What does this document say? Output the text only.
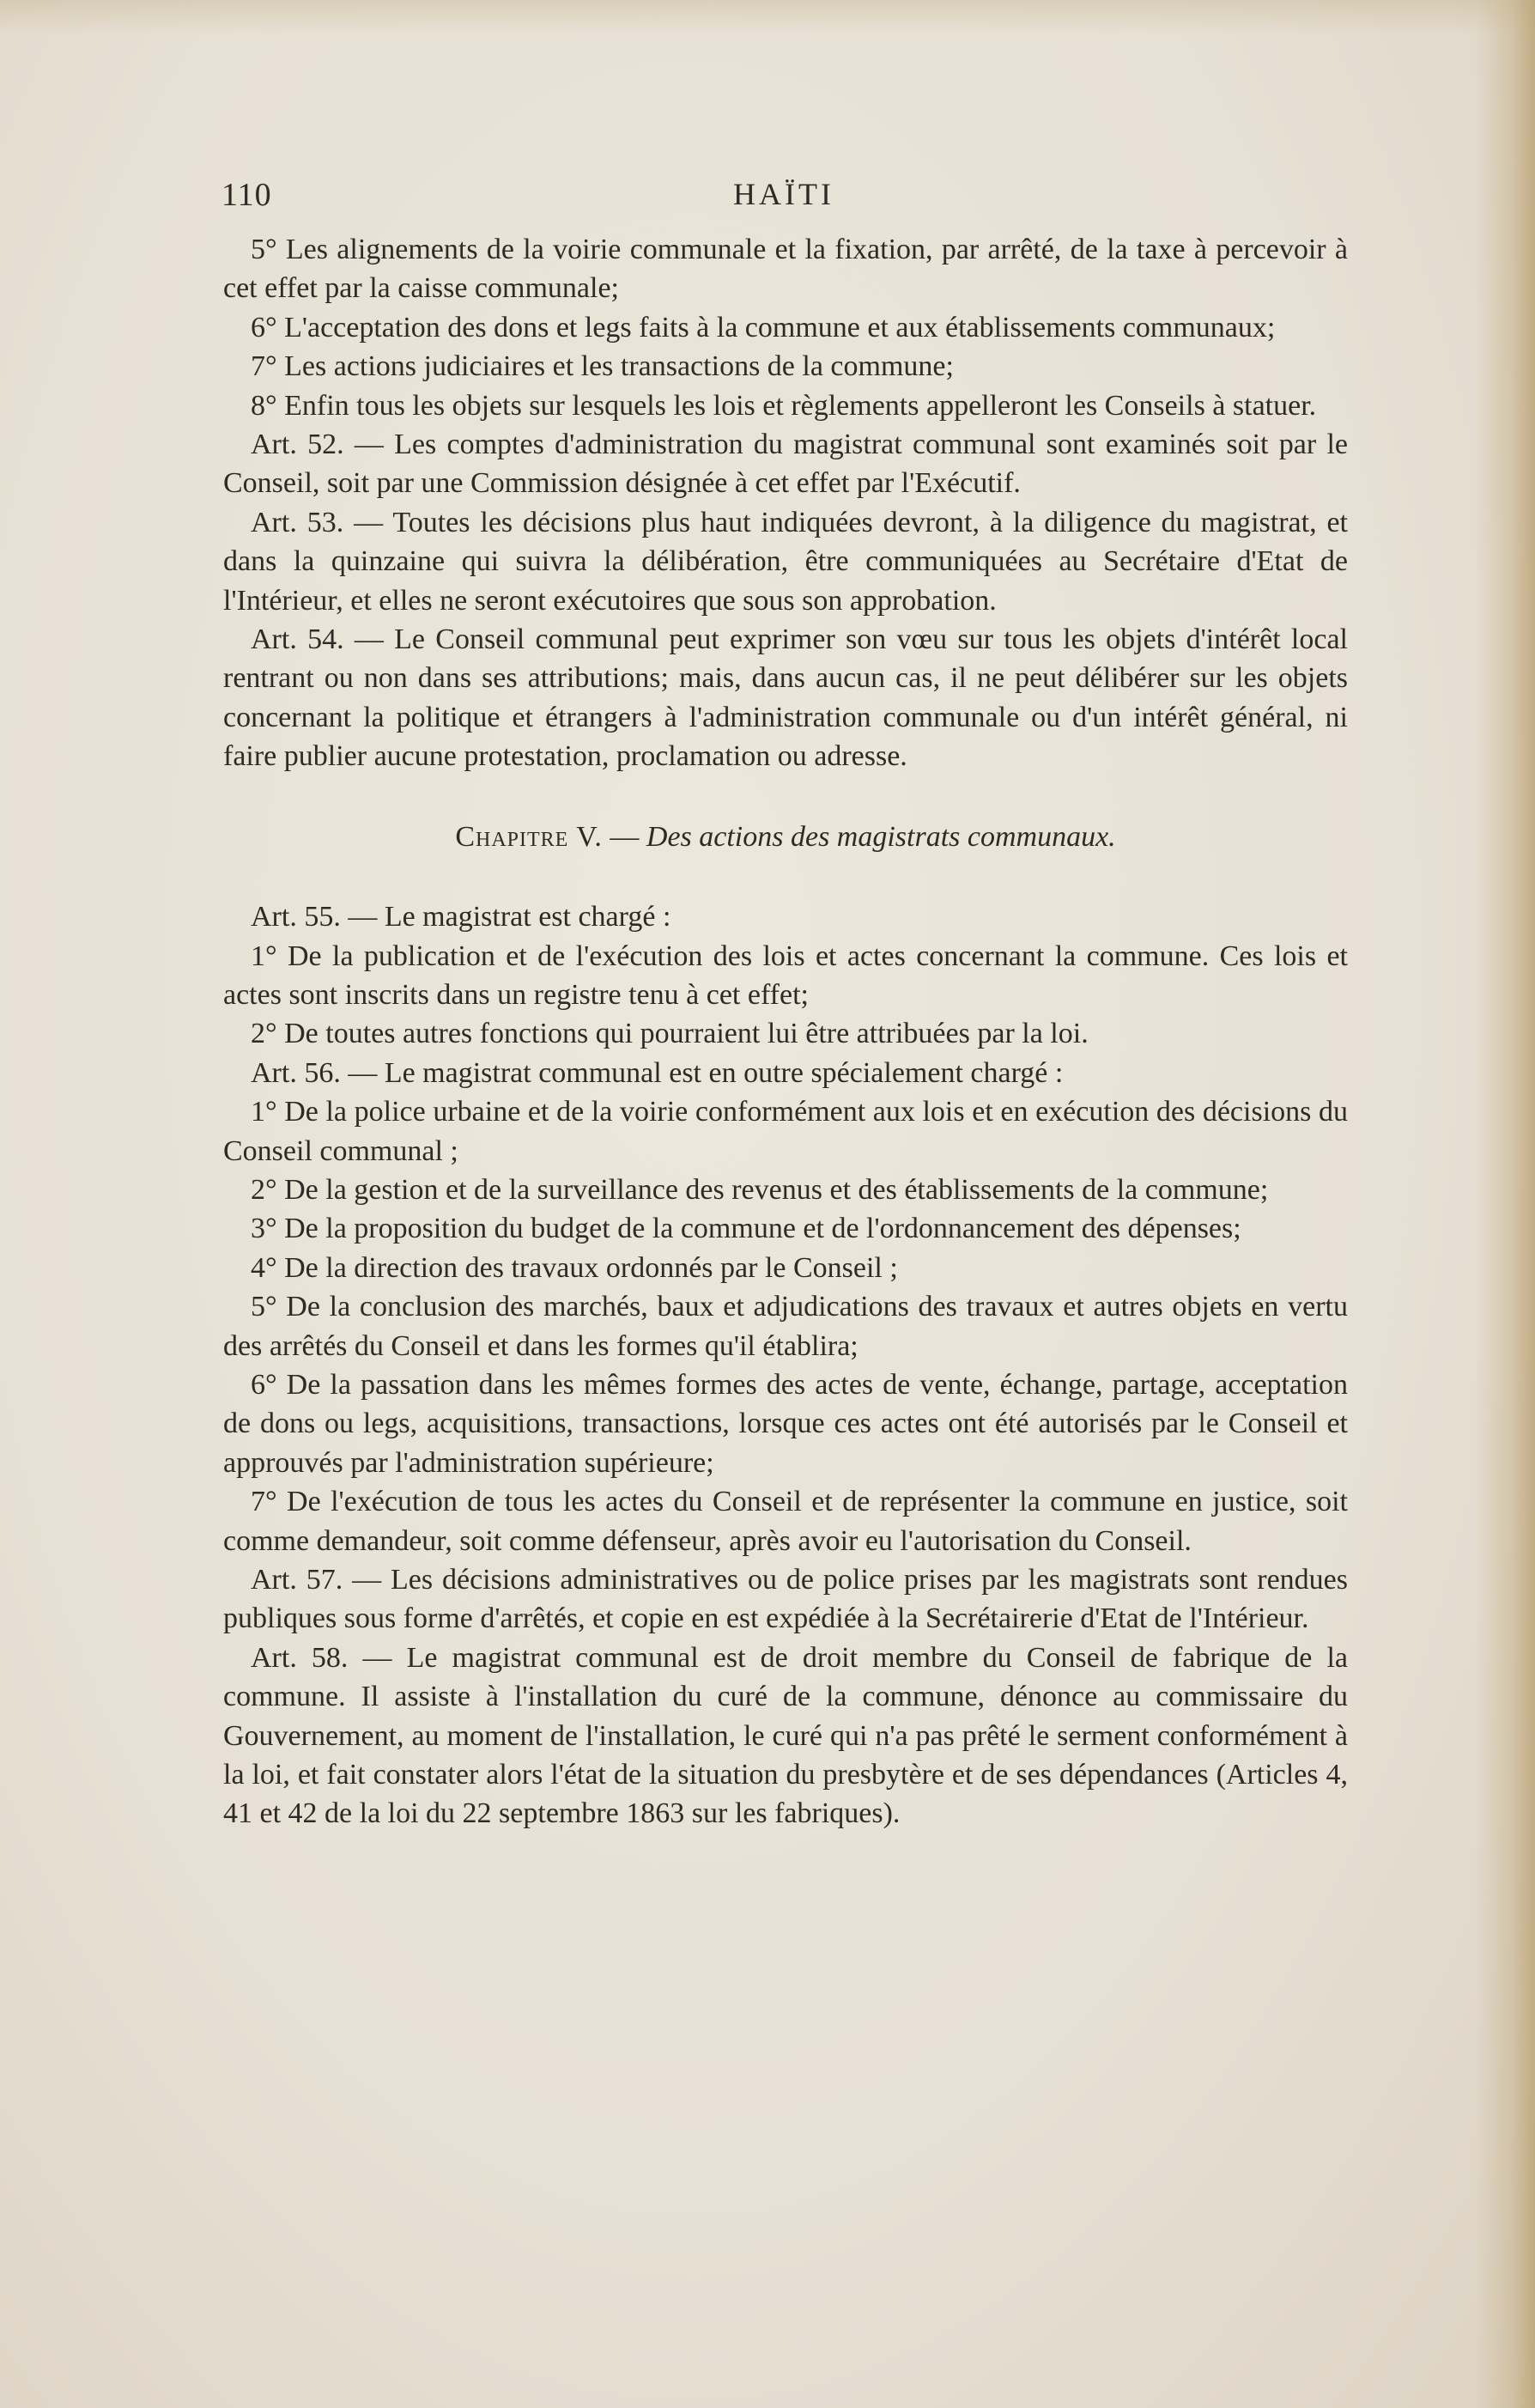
110	HAÏTI

5° Les alignements de la voirie communale et la fixation, par arrêté, de la taxe à percevoir à cet effet par la caisse communale;

6° L'acceptation des dons et legs faits à la commune et aux établissements communaux;

7° Les actions judiciaires et les transactions de la commune;

8° Enfin tous les objets sur lesquels les lois et règlements appelleront les Conseils à statuer.

Art. 52. — Les comptes d'administration du magistrat communal sont examinés soit par le Conseil, soit par une Commission désignée à cet effet par l'Exécutif.

Art. 53. — Toutes les décisions plus haut indiquées devront, à la diligence du magistrat, et dans la quinzaine qui suivra la délibération, être communiquées au Secrétaire d'Etat de l'Intérieur, et elles ne seront exécutoires que sous son approbation.

Art. 54. — Le Conseil communal peut exprimer son vœu sur tous les objets d'intérêt local rentrant ou non dans ses attributions; mais, dans aucun cas, il ne peut délibérer sur les objets concernant la politique et étrangers à l'administration communale ou d'un intérêt général, ni faire publier aucune protestation, proclamation ou adresse.

Chapitre V. — Des actions des magistrats communaux.

Art. 55. — Le magistrat est chargé :

1° De la publication et de l'exécution des lois et actes concernant la commune. Ces lois et actes sont inscrits dans un registre tenu à cet effet;

2° De toutes autres fonctions qui pourraient lui être attribuées par la loi.

Art. 56. — Le magistrat communal est en outre spécialement chargé :

1° De la police urbaine et de la voirie conformément aux lois et en exécution des décisions du Conseil communal ;

2° De la gestion et de la surveillance des revenus et des établissements de la commune;

3° De la proposition du budget de la commune et de l'ordonnancement des dépenses;

4° De la direction des travaux ordonnés par le Conseil ;

5° De la conclusion des marchés, baux et adjudications des travaux et autres objets en vertu des arrêtés du Conseil et dans les formes qu'il établira;

6° De la passation dans les mêmes formes des actes de vente, échange, partage, acceptation de dons ou legs, acquisitions, transactions, lorsque ces actes ont été autorisés par le Conseil et approuvés par l'administration supérieure;

7° De l'exécution de tous les actes du Conseil et de représenter la commune en justice, soit comme demandeur, soit comme défenseur, après avoir eu l'autorisation du Conseil.

Art. 57. — Les décisions administratives ou de police prises par les magistrats sont rendues publiques sous forme d'arrêtés, et copie en est expédiée à la Secrétairerie d'Etat de l'Intérieur.

Art. 58. — Le magistrat communal est de droit membre du Conseil de fabrique de la commune. Il assiste à l'installation du curé de la commune, dénonce au commissaire du Gouvernement, au moment de l'installation, le curé qui n'a pas prêté le serment conformément à la loi, et fait constater alors l'état de la situation du presbytère et de ses dépendances (Articles 4, 41 et 42 de la loi du 22 septembre 1863 sur les fabriques).
